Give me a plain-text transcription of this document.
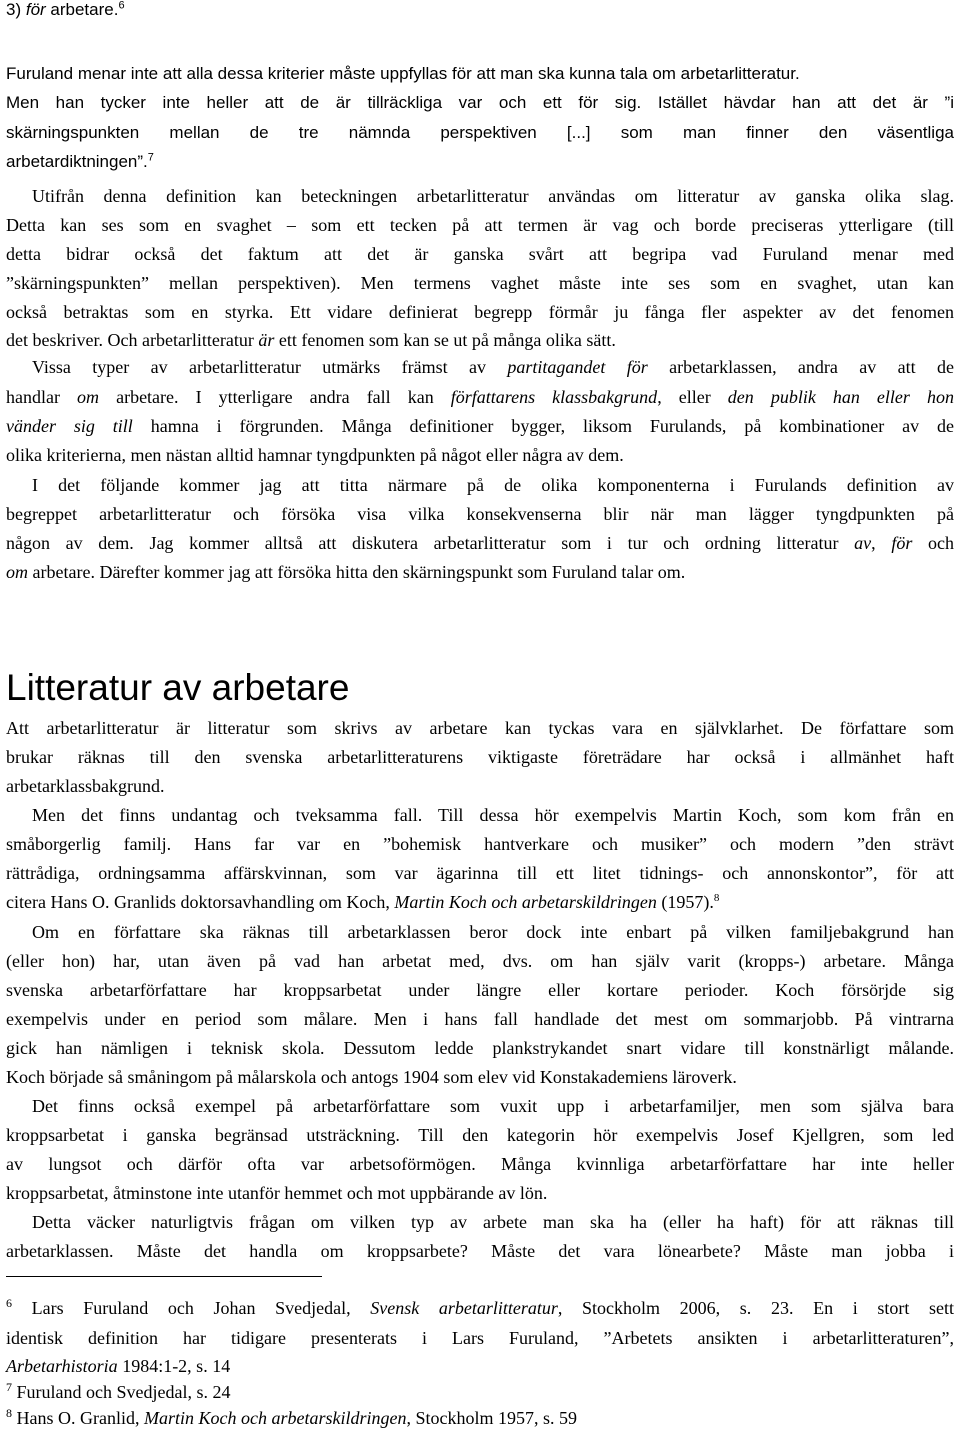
3) för arbetare.$^6$
Furuland menar inte att alla dessa kriterier måste uppfyllas för att man ska kunna tala om arbetarlitteratur.
Men han tycker inte heller att de är tillräckliga var och ett för sig. Istället hävdar han att det är ”i
skärningspunkten mellan de tre nämnda perspektiven [...] som man finner den väsentliga
arbetardiktningen”.$^7$
Utifrån denna definition kan beteckningen arbetarlitteratur användas om litteratur av ganska olika slag.
Detta kan ses som en svaghet – som ett tecken på att termen är vag och borde preciseras ytterligare (till
detta bidrar också det faktum att det är ganska svårt att begripa vad Furuland menar med
”skärningspunkten” mellan perspektiven). Men termens vaghet måste inte ses som en svaghet, utan kan
också betraktas som en styrka. Ett vidare definierat begrepp förmår ju fånga fler aspekter av det fenomen
det beskriver. Och arbetarlitteratur är ett fenomen som kan se ut på många olika sätt.
Vissa typer av arbetarlitteratur utmärks främst av partitagandet för arbetarklassen, andra av att de
handlar om arbetare. I ytterligare andra fall kan författarens klassbakgrund, eller den publik han eller hon
vänder sig till hamna i förgrunden. Många definitioner bygger, liksom Furulands, på kombinationer av de
olika kriterierna, men nästan alltid hamnar tyngdpunkten på något eller några av dem.
I det följande kommer jag att titta närmare på de olika komponenterna i Furulands definition av
begreppet arbetarlitteratur och försöka visa vilka konsekvenserna blir när man lägger tyngdpunkten på
någon av dem. Jag kommer alltså att diskutera arbetarlitteratur som i tur och ordning litteratur av, för och
om arbetare. Därefter kommer jag att försöka hitta den skärningspunkt som Furuland talar om.
Litteratur av arbetare
Att arbetarlitteratur är litteratur som skrivs av arbetare kan tyckas vara en självklarhet. De författare som
brukar räknas till den svenska arbetarlitteraturens viktigaste företrädare har också i allmänhet haft
arbetarklassbakgrund.
Men det finns undantag och tveksamma fall. Till dessa hör exempelvis Martin Koch, som kom från en
småborgerlig familj. Hans far var en ”bohemisk hantverkare och musiker” och modern ”den strävt
rättrådiga, ordningsamma affärskvinnan, som var ägarinna till ett litet tidnings- och annonskontor”, för att
citera Hans O. Granlids doktorsavhandling om Koch, Martin Koch och arbetarskildringen (1957).$^8$
Om en författare ska räknas till arbetarklassen beror dock inte enbart på vilken familjebakgrund han
(eller hon) har, utan även på vad han arbetat med, dvs. om han själv varit (kropps-) arbetare. Många
svenska arbetarförfattare har kroppsarbetat under längre eller kortare perioder. Koch försörjde sig
exempelvis under en period som målare. Men i hans fall handlade det mest om sommarjobb. På vintrarna
gick han nämligen i teknisk skola. Dessutom ledde plankstrykandet snart vidare till konstnärligt målande.
Koch började så småningom på målarskola och antogs 1904 som elev vid Konstakademiens läroverk.
Det finns också exempel på arbetarförfattare som vuxit upp i arbetarfamiljer, men som själva bara
kroppsarbetat i ganska begränsad utsträckning. Till den kategorin hör exempelvis Josef Kjellgren, som led
av lungsot och därför ofta var arbetsoförmögen. Många kvinnliga arbetarförfattare har inte heller
kroppsarbetat, åtminstone inte utanför hemmet och mot uppbärande av lön.
Detta väcker naturligtvis frågan om vilken typ av arbete man ska ha (eller ha haft) för att räknas till
arbetarklassen. Måste det handla om kroppsarbete? Måste det vara lönearbete? Måste man jobba i
$^6$ Lars Furuland och Johan Svedjedal, Svensk arbetarlitteratur, Stockholm 2006, s. 23. En i stort sett
identisk definition har tidigare presenterats i Lars Furuland, ”Arbetets ansikten i arbetarlitteraturen”,
Arbetarhistoria 1984:1-2, s. 14
$^7$ Furuland och Svedjedal, s. 24
$^8$ Hans O. Granlid, Martin Koch och arbetarskildringen, Stockholm 1957, s. 59
